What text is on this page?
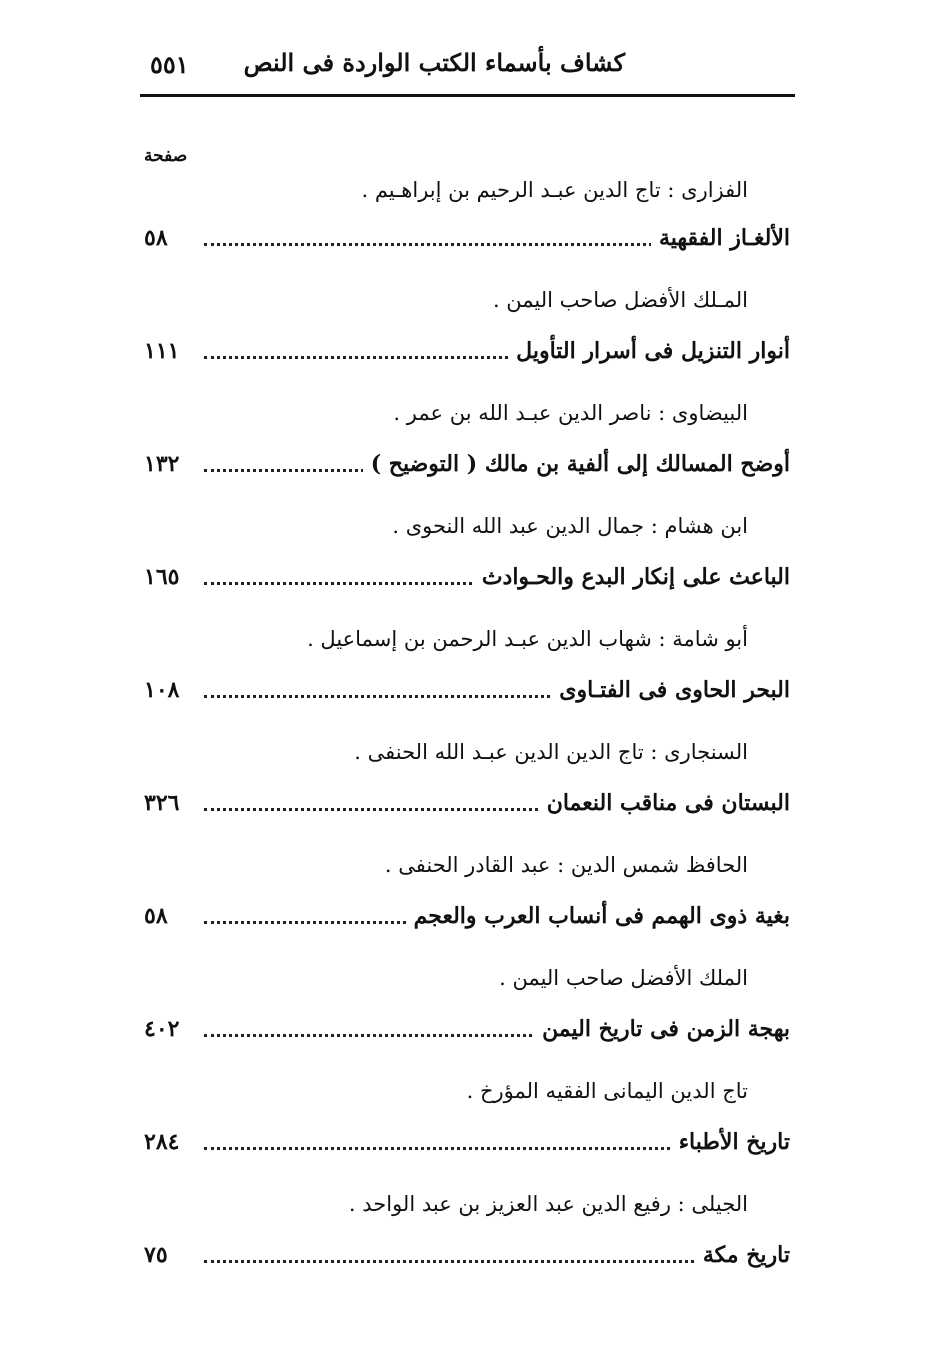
كشاف بأسماء الكتب الواردة فى النص
٥٥١
صفحة
الفزارى : تاج الدين عبـد الرحيم بن إبراهـيم .
الألغـاز الفقهية
٥٨
المـلك الأفضل صاحب اليمن .
أنوار التنزيل فى أسرار التأويل
١١١
البيضاوى : ناصر الدين عبـد الله بن عمر .
أوضح المسالك إلى ألفية بن مالك ( التوضيح )
١٣٢
ابن هشام : جمال الدين عبد الله النحوى .
الباعث على إنكار البدع والحـوادث
١٦٥
أبو شامة : شهاب الدين عبـد الرحمن بن إسماعيل .
البحر الحاوى فى الفتـاوى
١٠٨
السنجارى : تاج الدين الدين عبـد الله الحنفى .
البستان فى مناقب النعمان
٣٢٦
الحافظ شمس الدين : عبد القادر الحنفى .
بغية ذوى الهمم فى أنساب العرب والعجم
٥٨
الملك الأفضل صاحب اليمن .
بهجة الزمن فى تاريخ اليمن
٤٠٢
تاج الدين اليمانى الفقيه المؤرخ .
تاريخ الأطباء
٢٨٤
الجيلى : رفيع الدين عبد العزيز بن عبد الواحد .
تاريخ مكة
٧٥
